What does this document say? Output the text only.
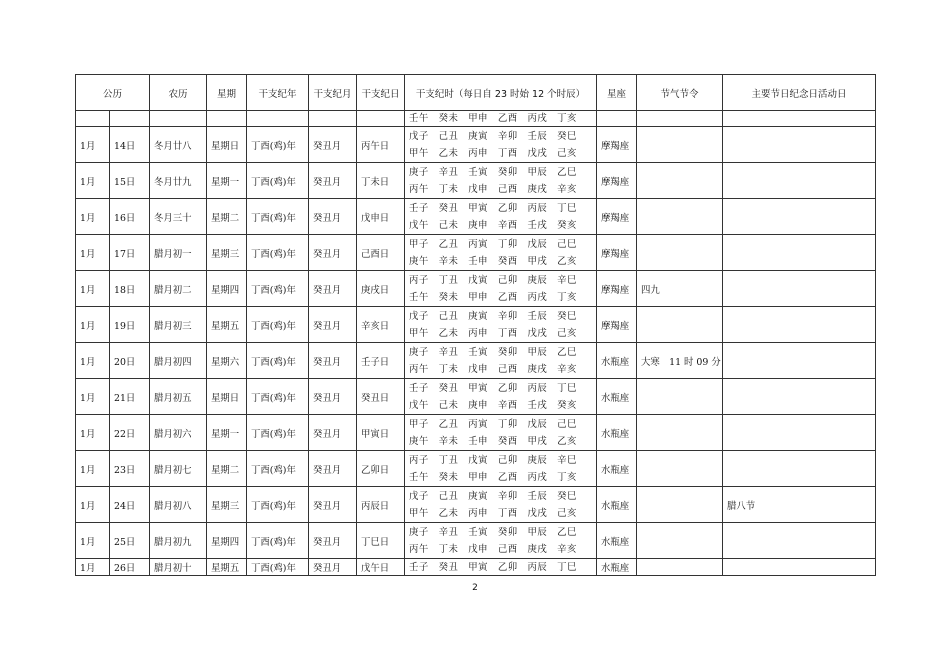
公历		农历	星期	干支纪年	干支纪月	干支纪日	干支纪时（每日自 23 时始 12 个时辰）	星座	节气节令	主要节日纪念日活动日

							壬午　癸未　甲申　乙酉　丙戌　丁亥			

1月	14日	冬月廿八	星期日	丁酉(鸡)年	癸丑月	丙午日	戊子　己丑　庚寅　辛卯　壬辰　癸巳
甲午　乙未　丙申　丁酉　戊戌　己亥	摩羯座		
1月	15日	冬月廿九	星期一	丁酉(鸡)年	癸丑月	丁未日	庚子　辛丑　壬寅　癸卯　甲辰　乙巳
丙午　丁未　戊申　己酉　庚戌　辛亥	摩羯座		
1月	16日	冬月三十	星期二	丁酉(鸡)年	癸丑月	戊申日	壬子　癸丑　甲寅　乙卯　丙辰　丁巳
戊午　己未　庚申　辛酉　壬戌　癸亥	摩羯座		
1月	17日	腊月初一	星期三	丁酉(鸡)年	癸丑月	己酉日	甲子　乙丑　丙寅　丁卯　戊辰　己巳
庚午　辛未　壬申　癸酉　甲戌　乙亥	摩羯座		
1月	18日	腊月初二	星期四	丁酉(鸡)年	癸丑月	庚戌日	丙子　丁丑　戊寅　己卯　庚辰　辛巳
壬午　癸未　甲申　乙酉　丙戌　丁亥	摩羯座	四九	
1月	19日	腊月初三	星期五	丁酉(鸡)年	癸丑月	辛亥日	戊子　己丑　庚寅　辛卯　壬辰　癸巳
甲午　乙未　丙申　丁酉　戊戌　己亥	摩羯座		
1月	20日	腊月初四	星期六	丁酉(鸡)年	癸丑月	壬子日	庚子　辛丑　壬寅　癸卯　甲辰　乙巳
丙午　丁未　戊申　己酉　庚戌　辛亥	水瓶座	大寒　11 时 09 分	
1月	21日	腊月初五	星期日	丁酉(鸡)年	癸丑月	癸丑日	壬子　癸丑　甲寅　乙卯　丙辰　丁巳
戊午　己未　庚申　辛酉　壬戌　癸亥	水瓶座		
1月	22日	腊月初六	星期一	丁酉(鸡)年	癸丑月	甲寅日	甲子　乙丑　丙寅　丁卯　戊辰　己巳
庚午　辛未　壬申　癸酉　甲戌　乙亥	水瓶座		
1月	23日	腊月初七	星期二	丁酉(鸡)年	癸丑月	乙卯日	丙子　丁丑　戊寅　己卯　庚辰　辛巳
壬午　癸未　甲申　乙酉　丙戌　丁亥	水瓶座		
1月	24日	腊月初八	星期三	丁酉(鸡)年	癸丑月	丙辰日	戊子　己丑　庚寅　辛卯　壬辰　癸巳
甲午　乙未　丙申　丁酉　戊戌　己亥	水瓶座		腊八节
1月	25日	腊月初九	星期四	丁酉(鸡)年	癸丑月	丁巳日	庚子　辛丑　壬寅　癸卯　甲辰　乙巳
丙午　丁未　戊申　己酉　庚戌　辛亥	水瓶座		
1月	26日	腊月初十	星期五	丁酉(鸡)年	癸丑月	戊午日	壬子　癸丑　甲寅　乙卯　丙辰　丁巳	水瓶座		
2
